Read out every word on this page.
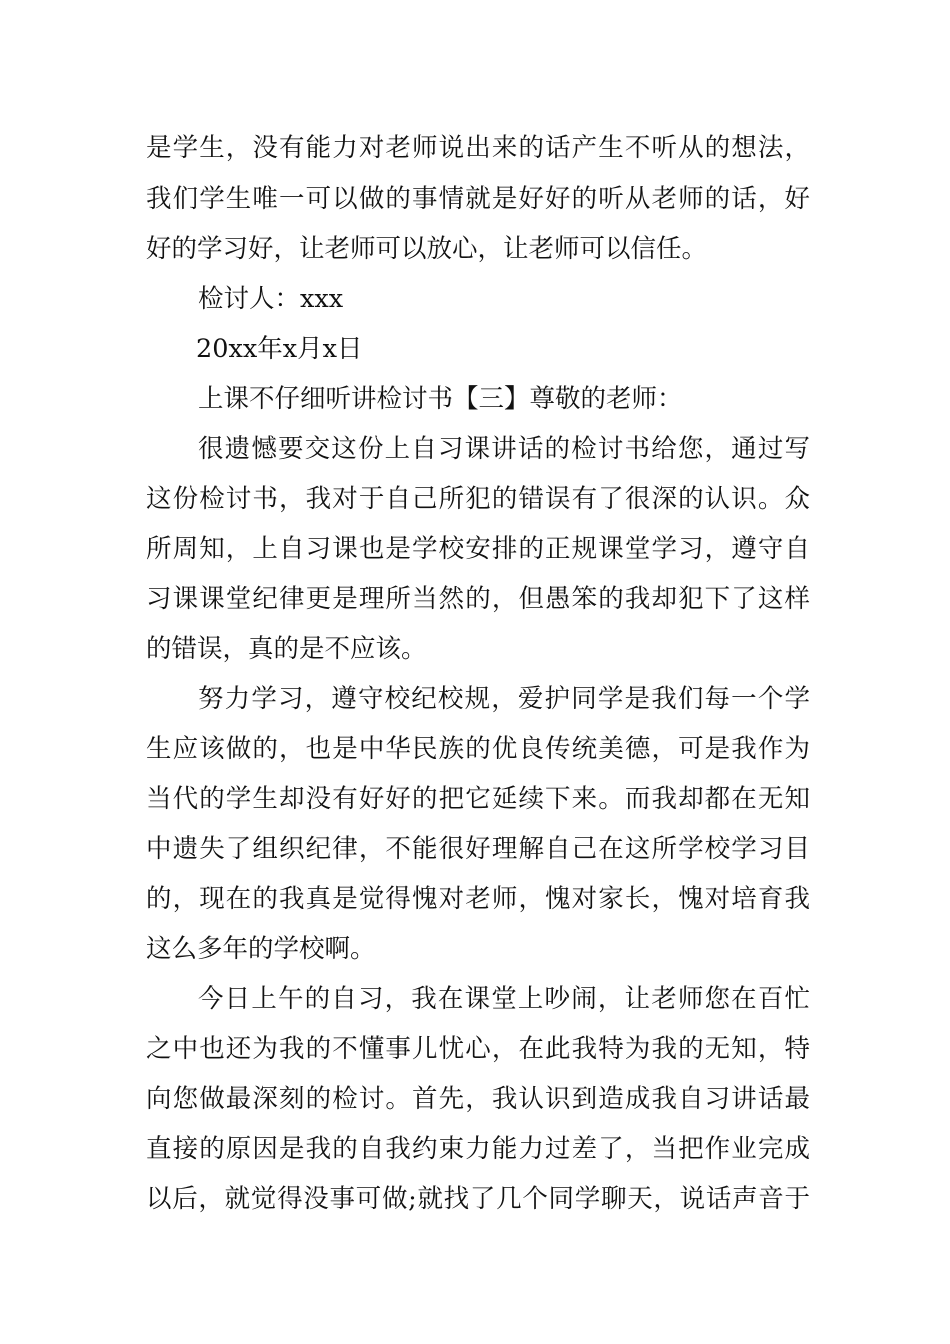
是学生，没有能力对老师说出来的话产生不听从的想法，
我们学生唯一可以做的事情就是好好的听从老师的话，好
好的学习好，让老师可以放心，让老师可以信任。
检讨人：xxx
20xx年x月x日
上课不仔细听讲检讨书【三】尊敬的老师：
很遗憾要交这份上自习课讲话的检讨书给您，通过写
这份检讨书，我对于自己所犯的错误有了很深的认识。众
所周知，上自习课也是学校安排的正规课堂学习，遵守自
习课课堂纪律更是理所当然的，但愚笨的我却犯下了这样
的错误，真的是不应该。
努力学习，遵守校纪校规，爱护同学是我们每一个学
生应该做的，也是中华民族的优良传统美德，可是我作为
当代的学生却没有好好的把它延续下来。而我却都在无知
中遗失了组织纪律，不能很好理解自己在这所学校学习目
的，现在的我真是觉得愧对老师，愧对家长，愧对培育我
这么多年的学校啊。
今日上午的自习，我在课堂上吵闹，让老师您在百忙
之中也还为我的不懂事儿忧心，在此我特为我的无知，特
向您做最深刻的检讨。首先，我认识到造成我自习讲话最
直接的原因是我的自我约束力能力过差了，当把作业完成
以后，就觉得没事可做;就找了几个同学聊天，说话声音于
